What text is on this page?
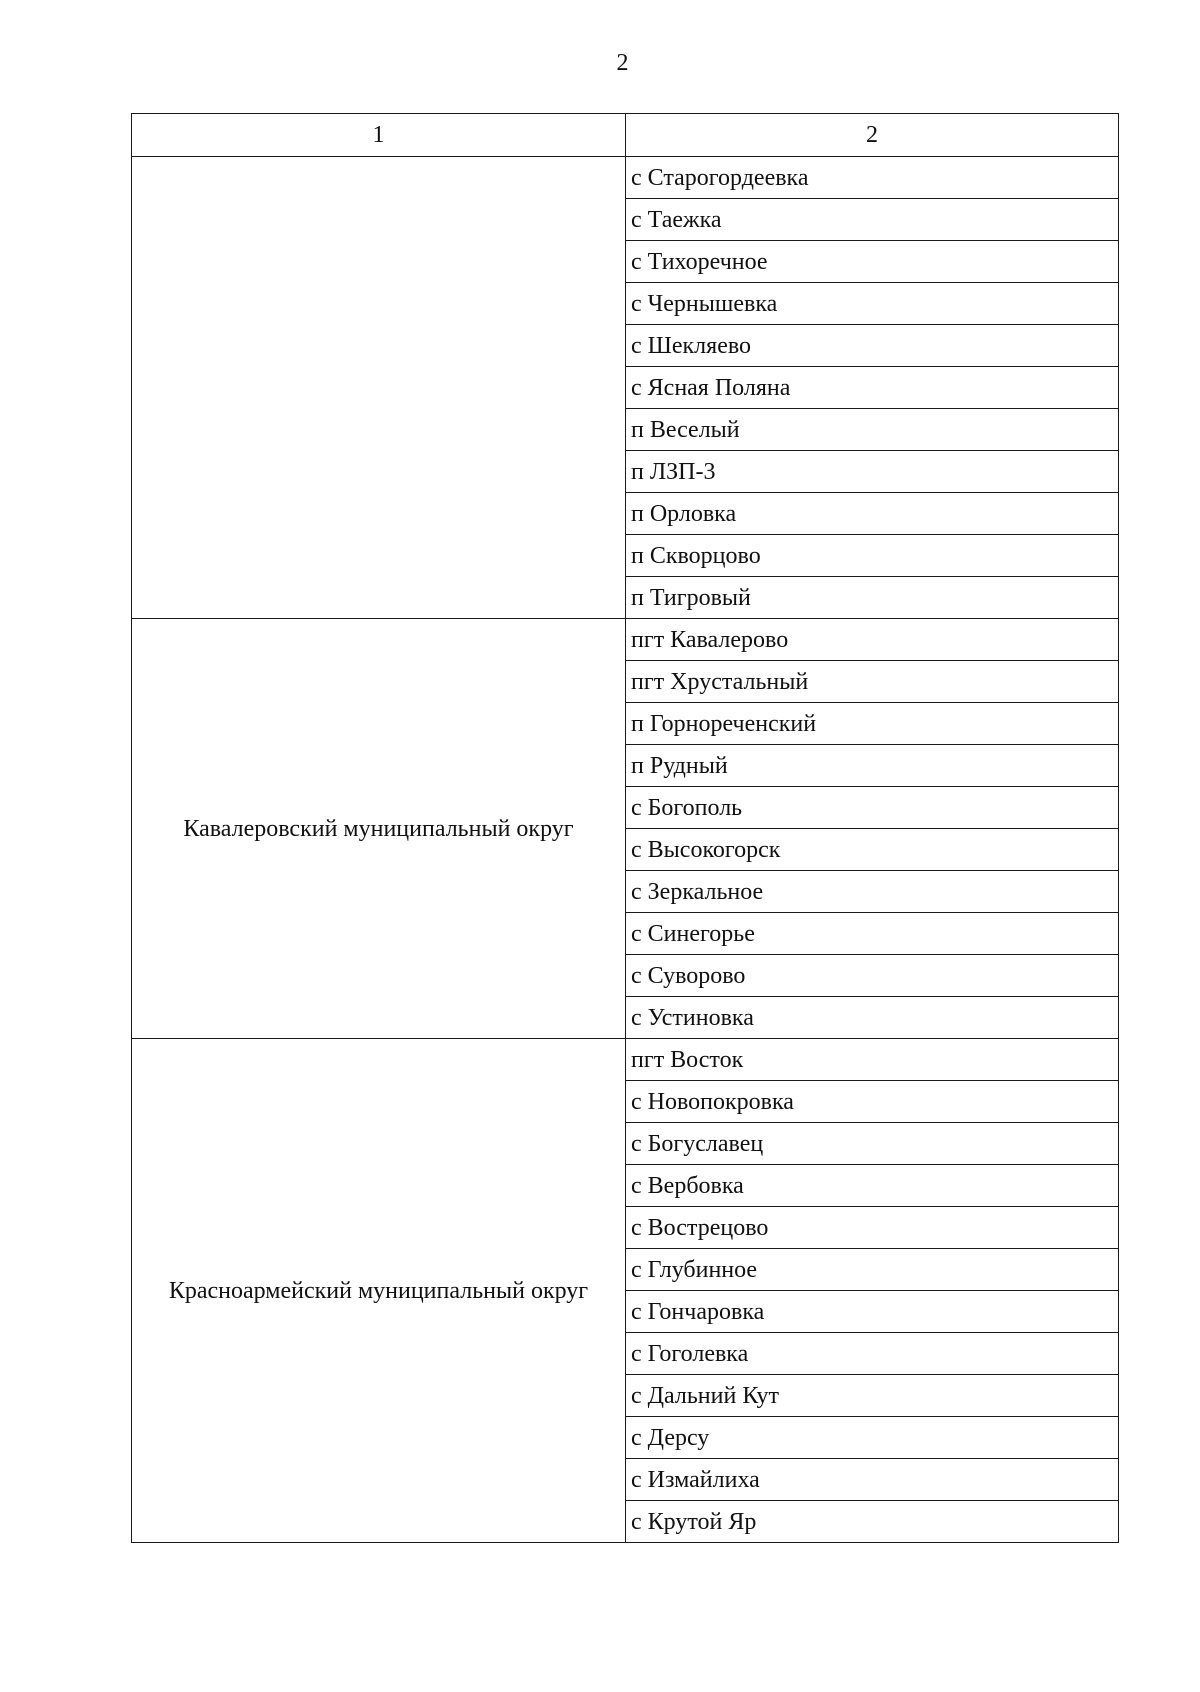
2
1	2
	с Старогордеевка
	с Таежка
	с Тихоречное
	с Чернышевка
	с Шекляево
	с Ясная Поляна
	п Веселый
	п ЛЗП-3
	п Орловка
	п Скворцово
	п Тигровый
Кавалеровский муниципальный округ	пгт Кавалерово
	пгт Хрустальный
	п Горнореченский
	п Рудный
	с Богополь
	с Высокогорск
	с Зеркальное
	с Синегорье
	с Суворово
	с Устиновка
Красноармейский муниципальный округ	пгт Восток
	с Новопокровка
	с Богуславец
	с Вербовка
	с Вострецово
	с Глубинное
	с Гончаровка
	с Гоголевка
	с Дальний Кут
	с Дерсу
	с Измайлиха
	с Крутой Яр
